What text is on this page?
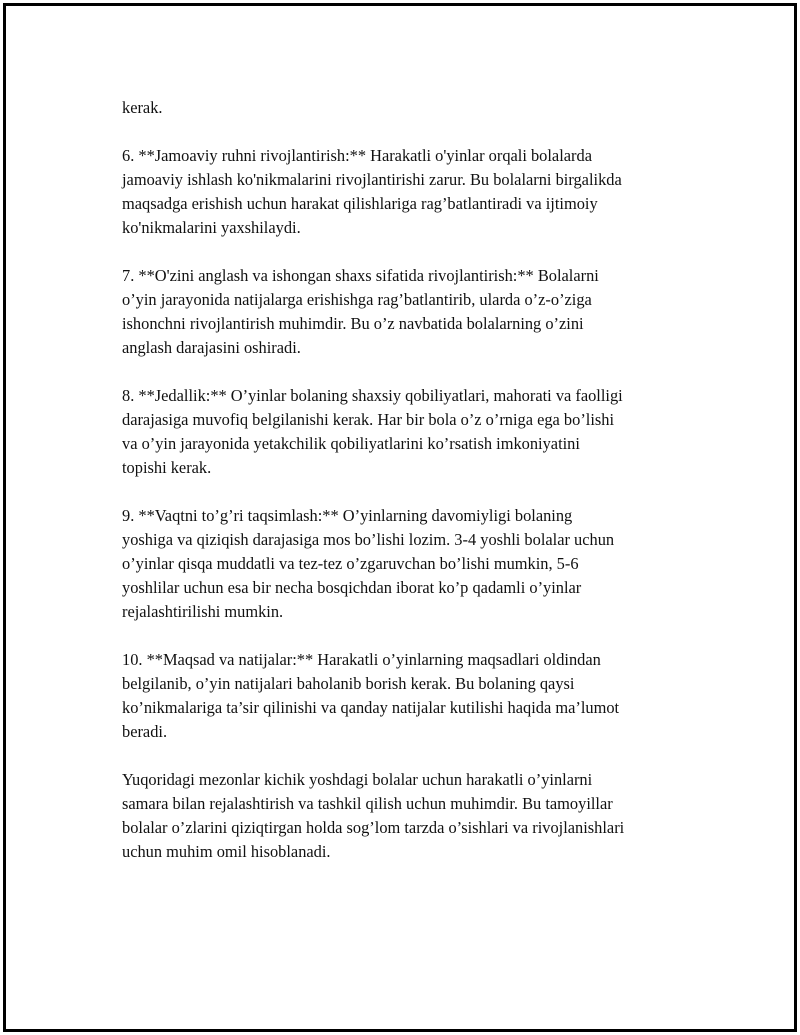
kerak.

6. **Jamoaviy ruhni rivojlantirish:** Harakatli o'yinlar orqali bolalarda
jamoaviy ishlash ko'nikmalarini rivojlantirishi zarur. Bu bolalarni birgalikda
maqsadga erishish uchun harakat qilishlariga rag’batlantiradi va ijtimoiy
ko'nikmalarini yaxshilaydi.

7. **O'zini anglash va ishongan shaxs sifatida rivojlantirish:** Bolalarni
o’yin jarayonida natijalarga erishishga rag’batlantirib, ularda o’z-o’ziga
ishonchni rivojlantirish muhimdir. Bu o’z navbatida bolalarning o’zini
anglash darajasini oshiradi.

8. **Jedallik:** O’yinlar bolaning shaxsiy qobiliyatlari, mahorati va faolligi
darajasiga muvofiq belgilanishi kerak. Har bir bola o’z o’rniga ega bo’lishi
va o’yin jarayonida yetakchilik qobiliyatlarini ko’rsatish imkoniyatini
topishi kerak.

9. **Vaqtni to’g’ri taqsimlash:** O’yinlarning davomiyligi bolaning
yoshiga va qiziqish darajasiga mos bo’lishi lozim. 3-4 yoshli bolalar uchun
o’yinlar qisqa muddatli va tez-tez o’zgaruvchan bo’lishi mumkin, 5-6
yoshlilar uchun esa bir necha bosqichdan iborat ko’p qadamli o’yinlar
rejalashtirilishi mumkin.

10. **Maqsad va natijalar:** Harakatli o’yinlarning maqsadlari oldindan
belgilanib, o’yin natijalari baholanib borish kerak. Bu bolaning qaysi
ko’nikmalariga ta’sir qilinishi va qanday natijalar kutilishi haqida ma’lumot
beradi.

Yuqoridagi mezonlar kichik yoshdagi bolalar uchun harakatli o’yinlarni
samara bilan rejalashtirish va tashkil qilish uchun muhimdir. Bu tamoyillar
bolalar o’zlarini qiziqtirgan holda sog’lom tarzda o’sishlari va rivojlanishlari
uchun muhim omil hisoblanadi.
